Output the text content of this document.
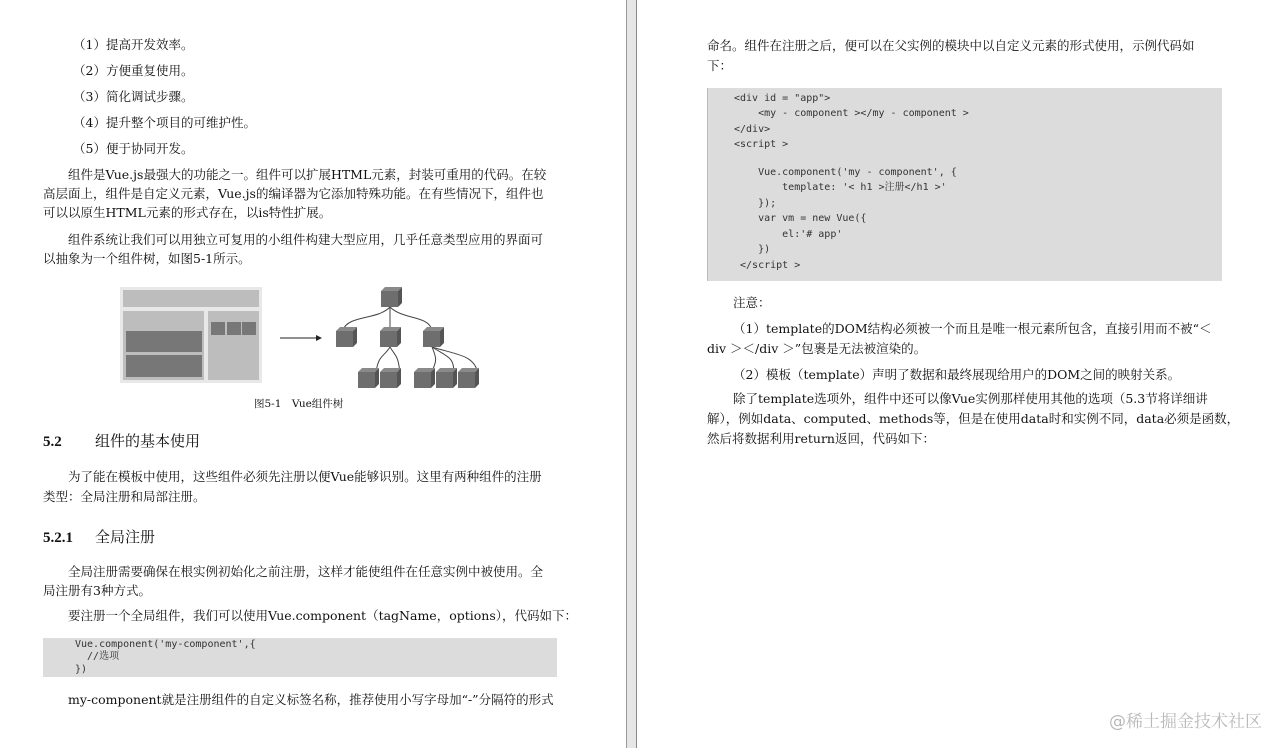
（1）提高开发效率。
（2）方便重复使用。
（3）简化调试步骤。
（4）提升整个项目的可维护性。
（5）便于协同开发。
组件是Vue.js最强大的功能之一。组件可以扩展HTML元素，封装可重用的代码。在较
高层面上，组件是自定义元素，Vue.js的编译器为它添加特殊功能。在有些情况下，组件也
可以以原生HTML元素的形式存在，以is特性扩展。
组件系统让我们可以用独立可复用的小组件构建大型应用，几乎任意类型应用的界面可
以抽象为一个组件树，如图5-1所示。
图5-1　Vue组件树
5.2 组件的基本使用
为了能在模板中使用，这些组件必须先注册以便Vue能够识别。这里有两种组件的注册
类型：全局注册和局部注册。
5.2.1 全局注册
全局注册需要确保在根实例初始化之前注册，这样才能使组件在任意实例中被使用。全
局注册有3种方式。
要注册一个全局组件，我们可以使用Vue.component（tagName，options），代码如下：
Vue.component('my-component',{
//选项
})
my-component就是注册组件的自定义标签名称，推荐使用小写字母加“-”分隔符的形式
命名。组件在注册之后，便可以在父实例的模块中以自定义元素的形式使用，示例代码如
下：
<div id = "app">
<my - component ></my - component >
</div>
<script >
Vue.component('my - component', {
template: '< h1 >注册</h1 >'
});
var vm = new Vue({
el:'# app'
})
</script >
注意：
（1）template的DOM结构必须被一个而且是唯一根元素所包含，直接引用而不被“＜
div ＞＜/div ＞”包裹是无法被渲染的。
（2）模板（template）声明了数据和最终展现给用户的DOM之间的映射关系。
除了template选项外，组件中还可以像Vue实例那样使用其他的选项（5.3节将详细讲
解），例如data、computed、methods等，但是在使用data时和实例不同，data必须是函数，
然后将数据利用return返回，代码如下：
@稀土掘金技术社区
